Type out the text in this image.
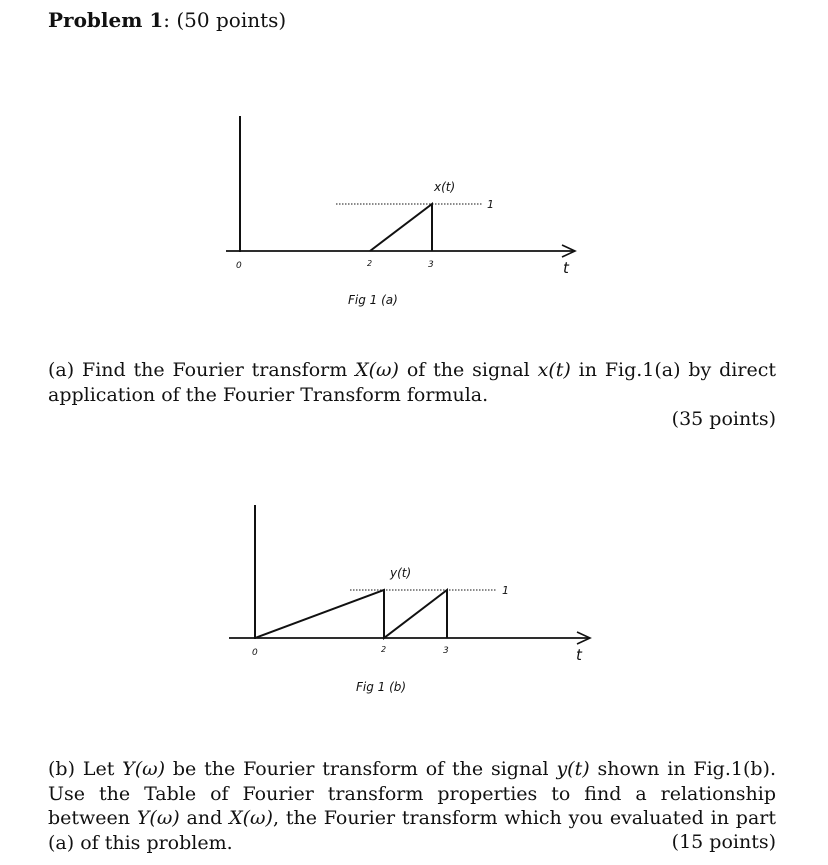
Problem 1: (50 points)
x(t)
1
0	2	3	t
Fig 1 (a)
(a) Find the Fourier transform X(ω) of the signal x(t) in Fig.1(a) by direct application of the Fourier Transform formula.
(35 points)
y(t)
1
0	2	3	t
Fig 1 (b)
(b) Let Y(ω) be the Fourier transform of the signal y(t) shown in Fig.1(b). Use the Table of Fourier transform properties to find a relationship between Y(ω) and X(ω), the Fourier transform which you evaluated in part (a) of this problem.	(15 points)
